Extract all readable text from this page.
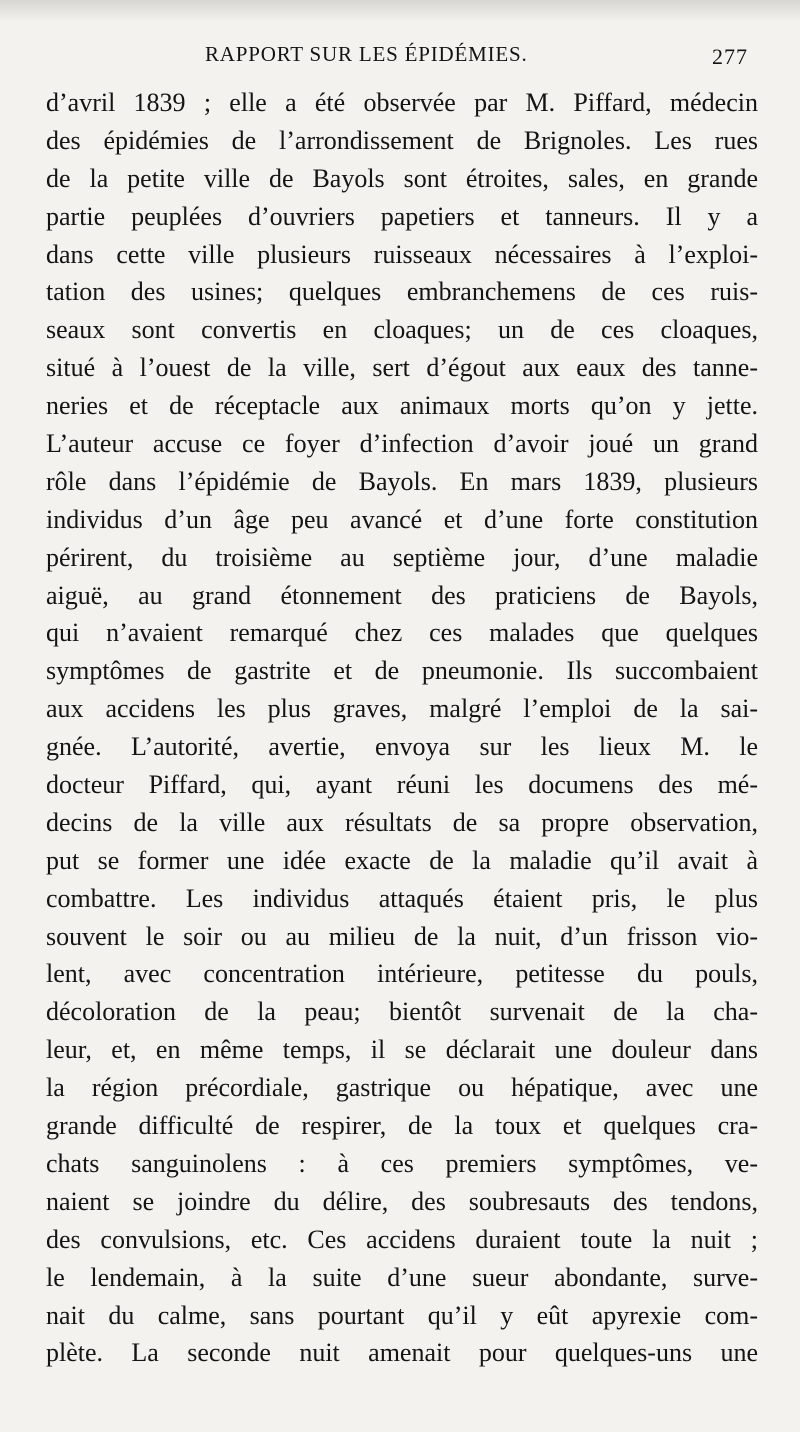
RAPPORT SUR LES ÉPIDÉMIES.	277
d’avril 1839 ; elle a été observée par M. Piffard, médecin
des épidémies de l’arrondissement de Brignoles. Les rues
de la petite ville de Bayols sont étroites, sales, en grande
partie peuplées d’ouvriers papetiers et tanneurs. Il y a
dans cette ville plusieurs ruisseaux nécessaires à l’exploi-
tation des usines; quelques embranchemens de ces ruis-
seaux sont convertis en cloaques; un de ces cloaques,
situé à l’ouest de la ville, sert d’égout aux eaux des tanne-
neries et de réceptacle aux animaux morts qu’on y jette.
L’auteur accuse ce foyer d’infection d’avoir joué un grand
rôle dans l’épidémie de Bayols. En mars 1839, plusieurs
individus d’un âge peu avancé et d’une forte constitution
périrent, du troisième au septième jour, d’une maladie
aiguë, au grand étonnement des praticiens de Bayols,
qui n’avaient remarqué chez ces malades que quelques
symptômes de gastrite et de pneumonie. Ils succombaient
aux accidens les plus graves, malgré l’emploi de la sai-
gnée. L’autorité, avertie, envoya sur les lieux M. le
docteur Piffard, qui, ayant réuni les documens des mé-
decins de la ville aux résultats de sa propre observation,
put se former une idée exacte de la maladie qu’il avait à
combattre. Les individus attaqués étaient pris, le plus
souvent le soir ou au milieu de la nuit, d’un frisson vio-
lent, avec concentration intérieure, petitesse du pouls,
décoloration de la peau; bientôt survenait de la cha-
leur, et, en même temps, il se déclarait une douleur dans
la région précordiale, gastrique ou hépatique, avec une
grande difficulté de respirer, de la toux et quelques cra-
chats sanguinolens : à ces premiers symptômes, ve-
naient se joindre du délire, des soubresauts des tendons,
des convulsions, etc. Ces accidens duraient toute la nuit ;
le lendemain, à la suite d’une sueur abondante, surve-
nait du calme, sans pourtant qu’il y eût apyrexie com-
plète. La seconde nuit amenait pour quelques-uns une
